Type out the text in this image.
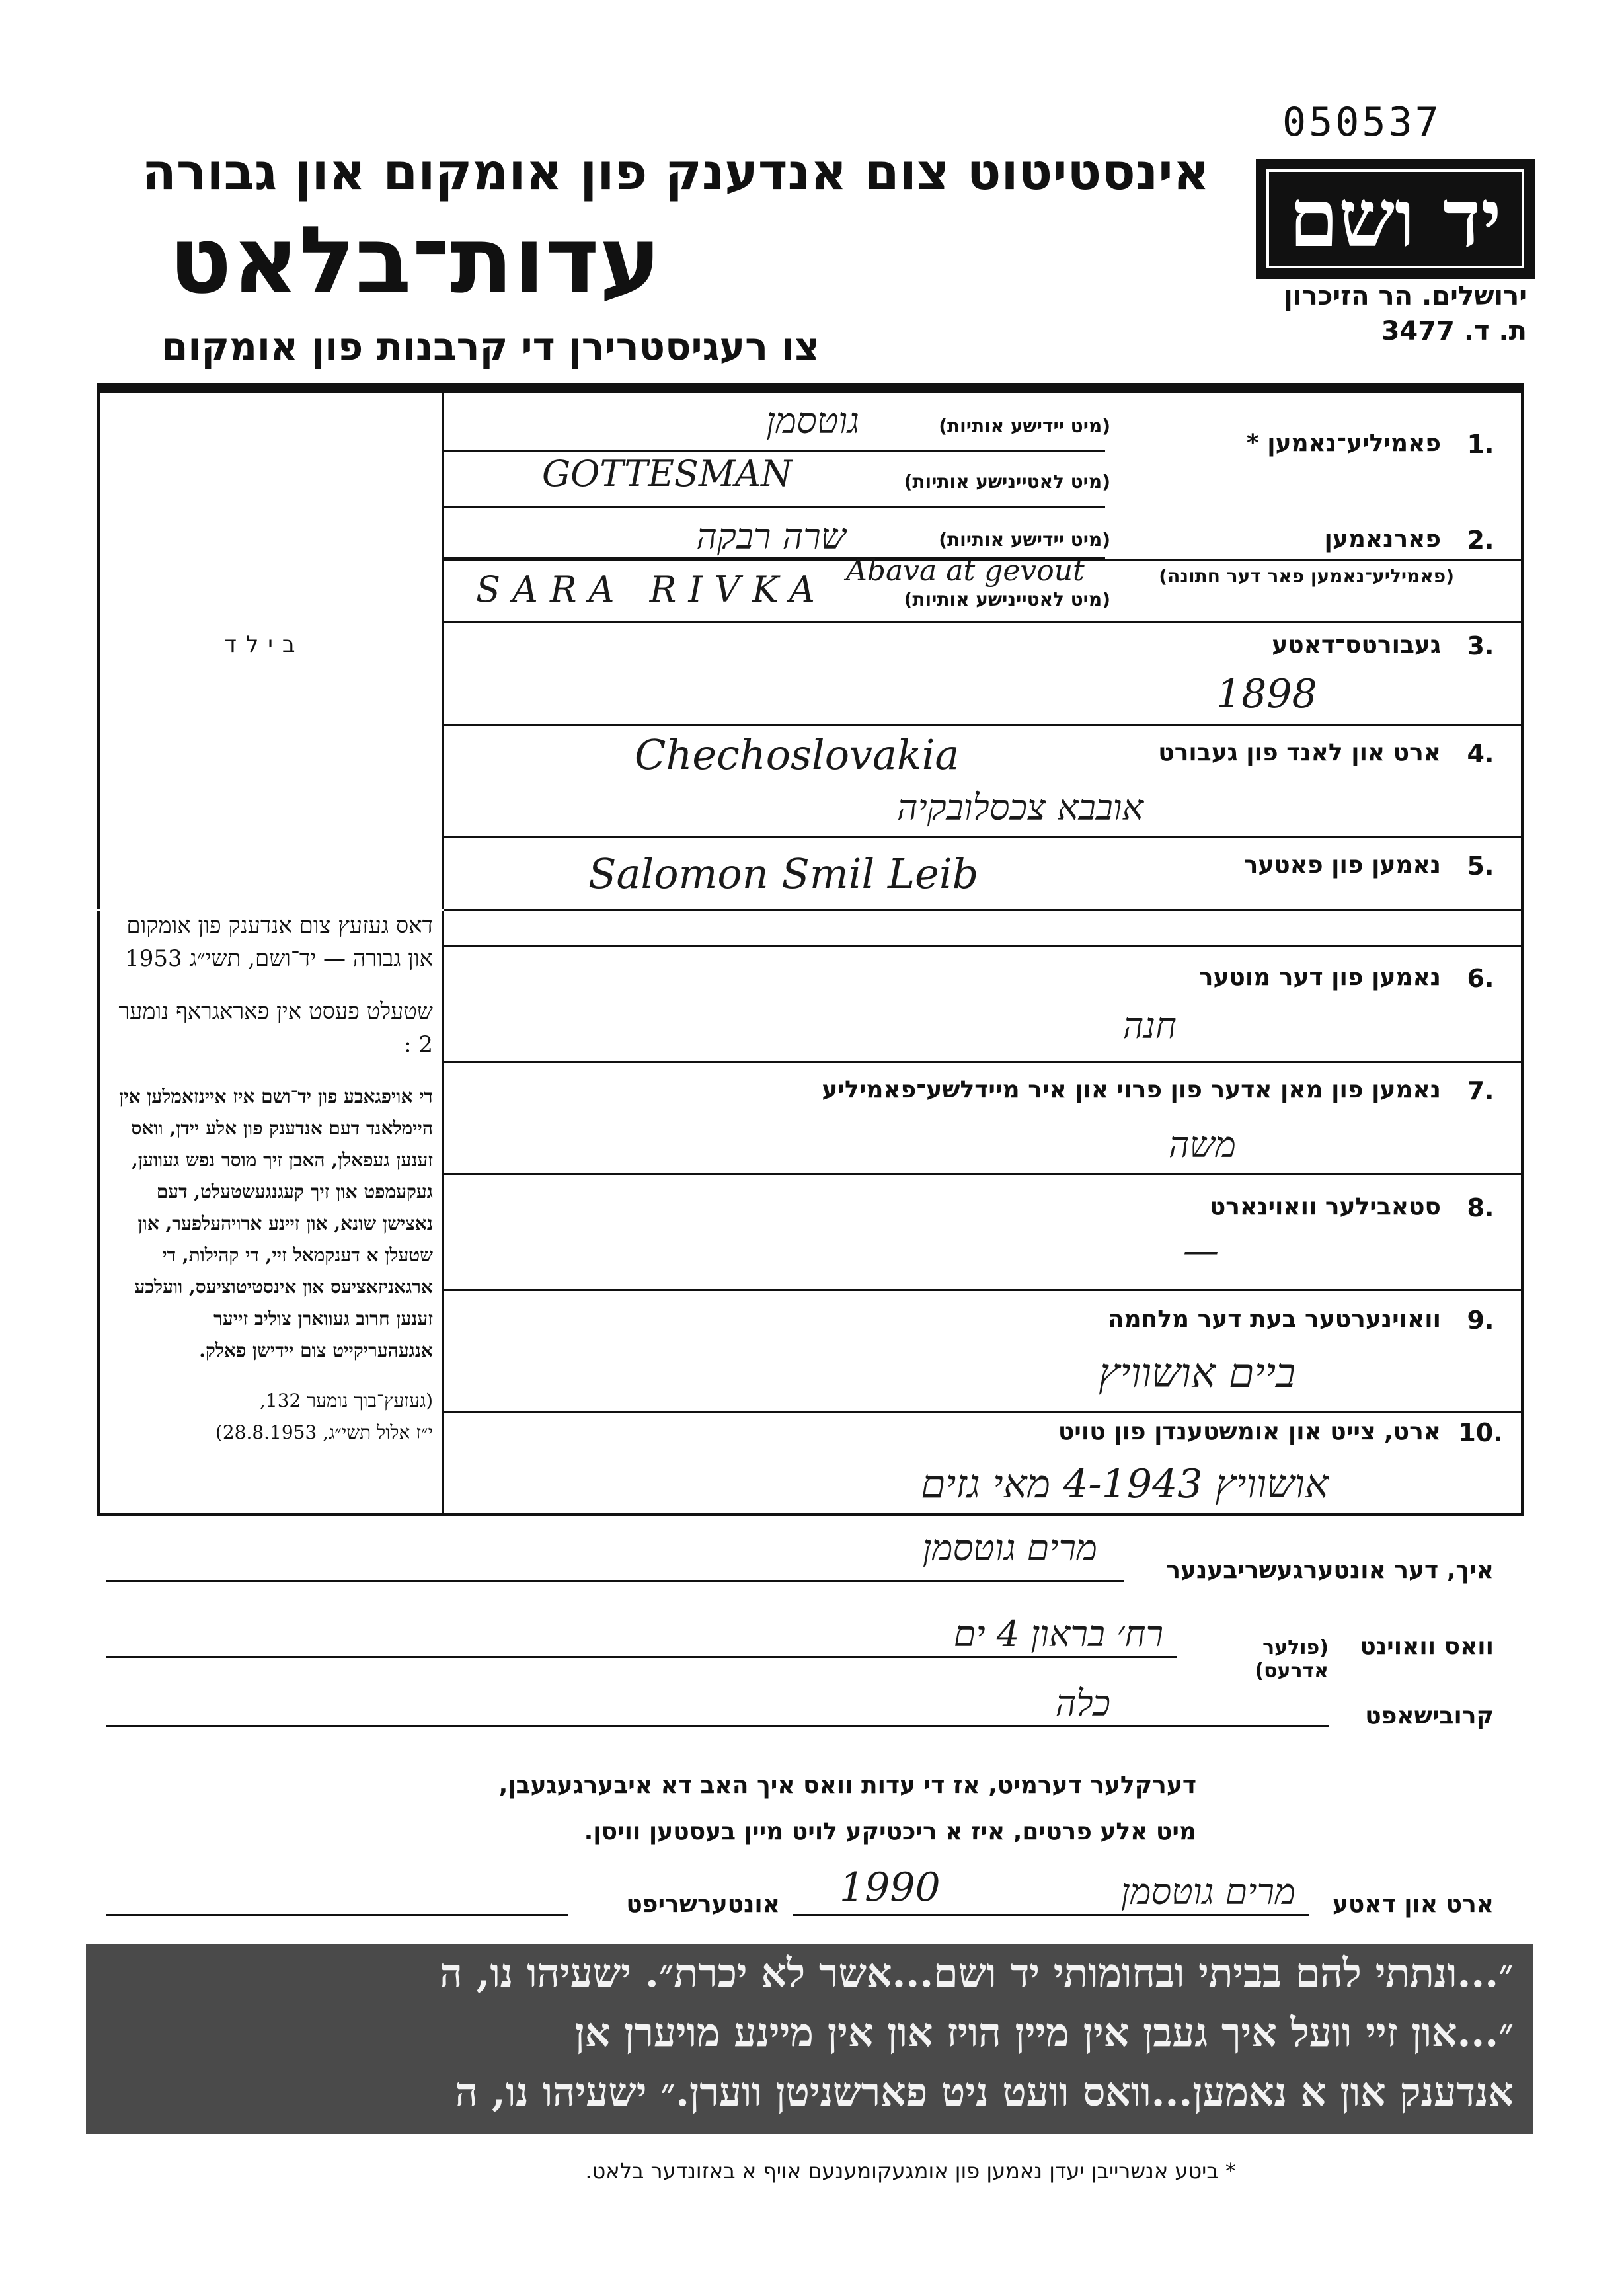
050537
יד ושם
ירושלים. הר הזיכרון
ת. ד. 3477
אינסטיטוט צום אנדענק פון אומקום און גבורה
עדות־בלאט
צו רעגיסטרירן די קרבנות פון אומקום
בילד
דאס געזעץ צום אנדענק פון אומקום און גבורה — יד־ושם, תשי״ג 1953
שטעלט פעסט אין פאראגראף נומער 2 :
די אויפגאבע פון יד־ושם איז איינזאמלען אין היימלאנד דעם אנדענק פון אלע יידן, וואס זענען געפאלן, האבן זיך מוסר נפש געווען, געקעמפט און זיך קעגנגעשטעלט, דעם נאצישן שונא, און זיינע ארויהעלפער, און שטעלן א דענקמאל זיי, די קהילות, די ארגאניזאציעס און אינסטיטוציעס, וועלכע זענען חרוב געווארן צוליב זייער אנגעהעריקייט צום יידישן פאלק.
(געזעץ־בוך נומער 132,
י״ז אלול תשי״ג, 28.8.1953)
1.
פאמיליע־נאמען *
(מיט יידישע אותיות)
גוטסמן
(מיט לאטיינישע אותיות)
GOTTESMAN
2.
פארנאמען
(מיט יידישע אותיות)
שרה רבקה
(פאמיליע־נאמען פאר דער חתונה)
Abava at gevout
(מיט לאטיינישע אותיות)
SARA RIVKA
3.
געבורטס־דאטע
1898
4.
ארט און לאנד פון געבורט
Chechoslovakia
אובבא צכסלובקיה
5.
נאמען פון פאטער
Salomon Smil Leib
6.
נאמען פון דער מוטער
חנה
7.
נאמען פון מאן אדער פון פרוי און איר מיידלשע־פאמיליע
משה
8.
סטאבילער וואוינארט
—
9.
וואוינערטער בעת דער מלחמה
ביים אושוויץ
10.
ארט, צייט און אומשטענדן פון טויט
אושוויץ 4-1943 מאי גזים
איך, דער אונטערגעשריבענער
מרים גוטסמן
וואס וואוינט
(פולער אדרעס)
רח׳ בראון 4 ים
קרובישאפט
כלה
דערקלער דערמיט, אז די עדות וואס איך האב דא איבערגעגעבן,
מיט אלע פרטים, איז א ריכטיקע לויט מיין בעסטען וויסן.
ארט און דאטע
1990	מרים גוטסמן
אונטערשריפט
״...ונתתי להם בביתי ובחומותי יד ושם...אשר לא יכרת״. ישעיהו נו, ה
״...און זיי וועל איך געבן אין מיין הויז און אין מיינע מויערן אן
אנדענק און א נאמען...וואס וועט ניט פארשניטן ווערן.״ ישעיהו נו, ה
* ביטע אנשרייבן יעדן נאמען פון אומגעקומענעם אויף א באזונדער בלאט.
